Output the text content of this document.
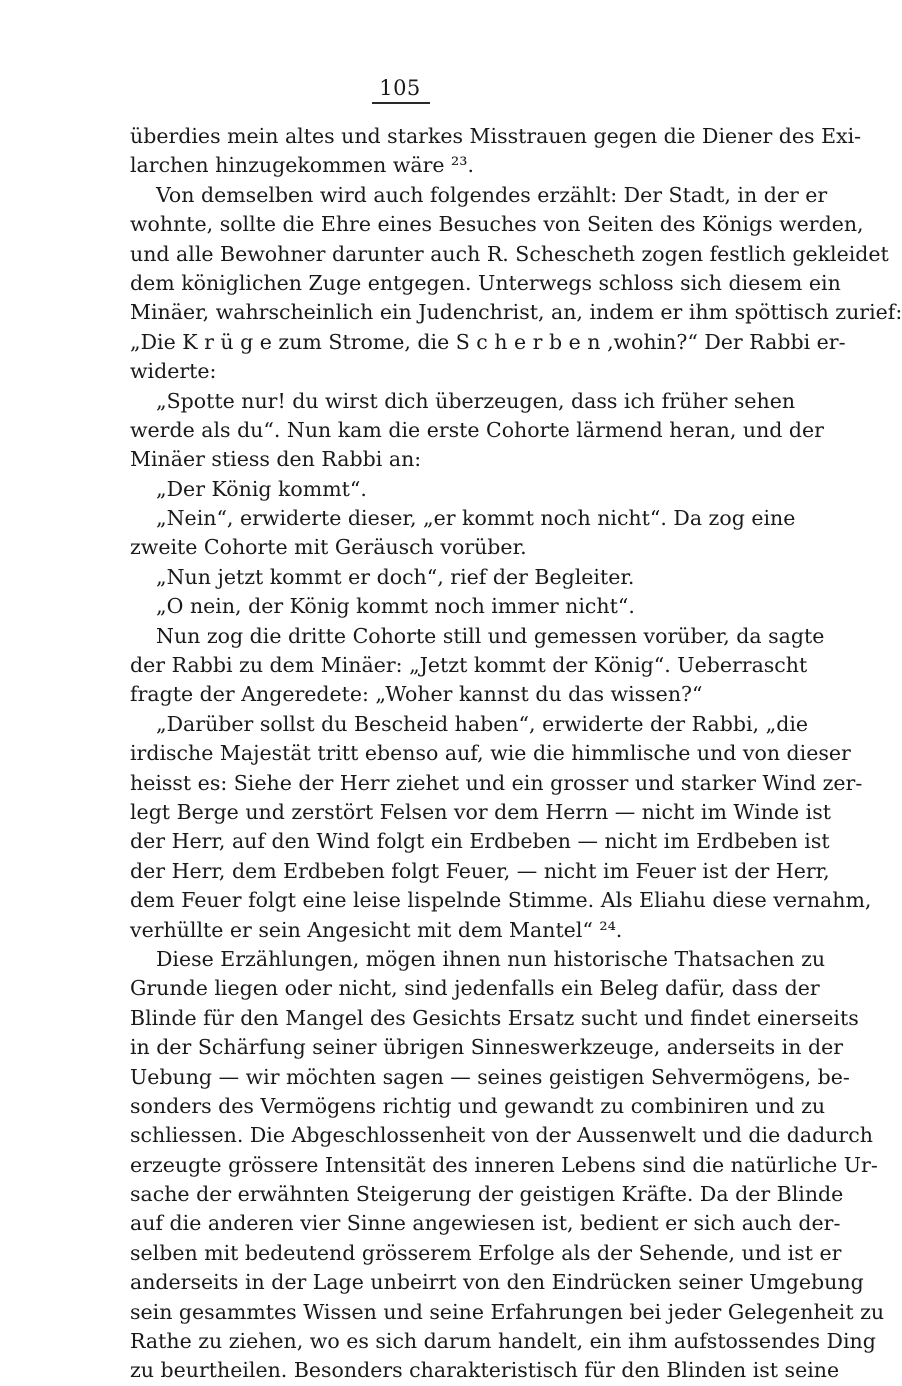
105
überdies mein altes und starkes Misstrauen gegen die Diener des Exi-
larchen hinzugekommen wäre ²³.
Von demselben wird auch folgendes erzählt: Der Stadt, in der er
wohnte, sollte die Ehre eines Besuches von Seiten des Königs werden,
und alle Bewohner darunter auch R. Schescheth zogen festlich gekleidet
dem königlichen Zuge entgegen. Unterwegs schloss sich diesem ein
Minäer, wahrscheinlich ein Judenchrist, an, indem er ihm spöttisch zurief:
„Die K r ü g e zum Strome, die S c h e r b e n ‚wohin?“ Der Rabbi er-
widerte:
„Spotte nur! du wirst dich überzeugen, dass ich früher sehen
werde als du“. Nun kam die erste Cohorte lärmend heran, und der
Minäer stiess den Rabbi an:
„Der König kommt“.
„Nein“, erwiderte dieser, „er kommt noch nicht“. Da zog eine
zweite Cohorte mit Geräusch vorüber.
„Nun jetzt kommt er doch“, rief der Begleiter.
„O nein, der König kommt noch immer nicht“.
Nun zog die dritte Cohorte still und gemessen vorüber, da sagte
der Rabbi zu dem Minäer: „Jetzt kommt der König“. Ueberrascht
fragte der Angeredete: „Woher kannst du das wissen?“
„Darüber sollst du Bescheid haben“, erwiderte der Rabbi, „die
irdische Majestät tritt ebenso auf, wie die himmlische und von dieser
heisst es: Siehe der Herr ziehet und ein grosser und starker Wind zer-
legt Berge und zerstört Felsen vor dem Herrn — nicht im Winde ist
der Herr, auf den Wind folgt ein Erdbeben — nicht im Erdbeben ist
der Herr, dem Erdbeben folgt Feuer, — nicht im Feuer ist der Herr,
dem Feuer folgt eine leise lispelnde Stimme. Als Eliahu diese vernahm,
verhüllte er sein Angesicht mit dem Mantel“ ²⁴.
Diese Erzählungen, mögen ihnen nun historische Thatsachen zu
Grunde liegen oder nicht, sind jedenfalls ein Beleg dafür, dass der
Blinde für den Mangel des Gesichts Ersatz sucht und findet einerseits
in der Schärfung seiner übrigen Sinneswerkzeuge, anderseits in der
Uebung — wir möchten sagen — seines geistigen Sehvermögens, be-
sonders des Vermögens richtig und gewandt zu combiniren und zu
schliessen. Die Abgeschlossenheit von der Aussenwelt und die dadurch
erzeugte grössere Intensität des inneren Lebens sind die natürliche Ur-
sache der erwähnten Steigerung der geistigen Kräfte. Da der Blinde
auf die anderen vier Sinne angewiesen ist, bedient er sich auch der-
selben mit bedeutend grösserem Erfolge als der Sehende, und ist er
anderseits in der Lage unbeirrt von den Eindrücken seiner Umgebung
sein gesammtes Wissen und seine Erfahrungen bei jeder Gelegenheit zu
Rathe zu ziehen, wo es sich darum handelt, ein ihm aufstossendes Ding
zu beurtheilen. Besonders charakteristisch für den Blinden ist seine
